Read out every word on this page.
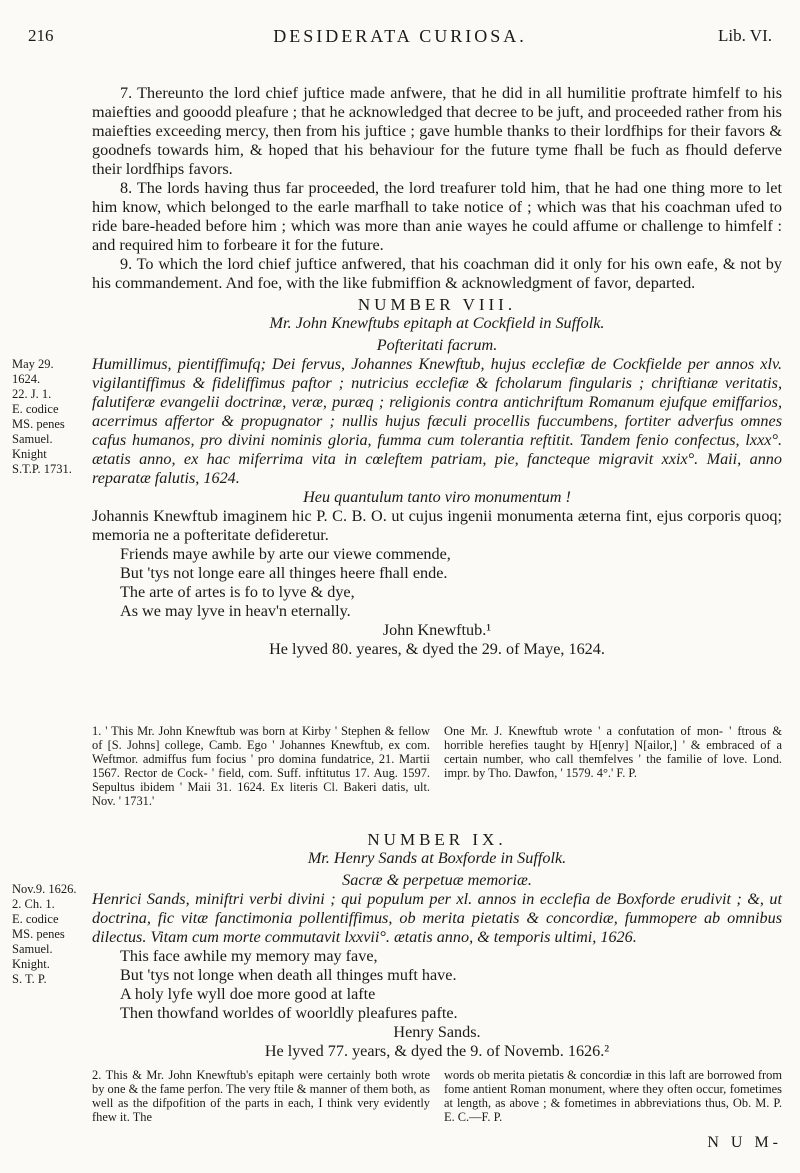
216	DESIDERATA CURIOSA.	Lib. VI.

7. Thereunto the lord chief juftice made anfwere, that he did in all humilitie proftrate himfelf to his maiefties and gooodd pleafure ; that he acknowledged that decree to be juft, and proceeded rather from his maiefties exceeding mercy, then from his juftice ; gave humble thanks to their lordfhips for their favors & goodnefs towards him, & hoped that his behaviour for the future tyme fhall be fuch as fhould deferve their lordfhips favors.

8. The lords having thus far proceeded, the lord treafurer told him, that he had one thing more to let him know, which belonged to the earle marfhall to take notice of ; which was that his coachman ufed to ride bare-headed before him ; which was more than anie wayes he could affume or challenge to himfelf : and required him to forbeare it for the future.

9. To which the lord chief juftice anfwered, that his coachman did it only for his own eafe, & not by his commandement. And foe, with the like fubmiffion & acknowledgment of favor, departed.

NUMBER VIII.

Mr. John Knewftubs epitaph at Cockfield in Suffolk.

Pofteritati facrum.

Humillimus, pientiffimufq; Dei fervus, Johannes Knewftub, hujus ecclefiæ de Cockfielde per annos xlv. vigilantiffimus & fideliffimus paftor ; nutricius ecclefiæ & fcholarum fingularis ; chriftianæ veritatis, falutiferæ evangelii doctrinæ, veræ, puræq ; religionis contra antichriftum Romanum ejufque emiffarios, acerrimus affertor & propugnator ; nullis hujus fæculi procellis fuccumbens, fortiter adverfus omnes cafus humanos, pro divini nominis gloria, fumma cum tolerantia reftitit. Tandem fenio confectus, lxxx°. ætatis anno, ex hac miferrima vita in cœleftem patriam, pie, fancteque migravit xxix°. Maii, anno reparatæ falutis, 1624.

Heu quantulum tanto viro monumentum !

Johannis Knewftub imaginem hic P. C. B. O. ut cujus ingenii monumenta æterna fint, ejus corporis quoq; memoria ne a pofteritate defideretur.

Friends maye awhile by arte our viewe commende,
But 'tys not longe eare all thinges heere fhall ende.
The arte of artes is fo to lyve & dye,
As we may lyve in heav'n eternally.

John Knewftub.¹

He lyved 80. yeares, & dyed the 29. of Maye, 1624.

May 29.
1624.
22. J. 1.
E. codice
MS. penes
Samuel.
Knight
S.T.P. 1731.

1. ' This Mr. John Knewftub was born at Kirby ' Stephen & fellow of [S. Johns] college, Camb. Ego ' Johannes Knewftub, ex com. Weftmor. admiffus fum focius ' pro domina fundatrice, 21. Martii 1567. Rector de Cock- ' field, com. Suff. inftitutus 17. Aug. 1597. Sepultus ibidem ' Maii 31. 1624. Ex literis Cl. Bakeri datis, ult. Nov. ' 1731.'

One Mr. J. Knewftub wrote ' a confutation of mon- ' ftrous & horrible herefies taught by H[enry] N[ailor,] ' & embraced of a certain number, who call themfelves ' the familie of love. Lond. impr. by Tho. Dawfon, ' 1579. 4°.' F. P.

NUMBER IX.

Mr. Henry Sands at Boxforde in Suffolk.

Sacræ & perpetuæ memoriæ.

Henrici Sands, miniftri verbi divini ; qui populum per xl. annos in ecclefia de Boxforde erudivit ; &, ut doctrina, fic vitæ fanctimonia pollentiffimus, ob merita pietatis & concordiæ, fummopere ab omnibus dilectus. Vitam cum morte commutavit lxxvii°. ætatis anno, & temporis ultimi, 1626.

This face awhile my memory may fave,
But 'tys not longe when death all thinges muft have.
A holy lyfe wyll doe more good at lafte
Then thowfand worldes of woorldly pleafures pafte.

Henry Sands.

He lyved 77. years, & dyed the 9. of Novemb. 1626.²

Nov.9. 1626.
2. Ch. 1.
E. codice
MS. penes
Samuel.
Knight.
S. T. P.

2. This & Mr. John Knewftub's epitaph were certainly both wrote by one & the fame perfon. The very ftile & manner of them both, as well as the difpofition of the parts in each, I think very evidently fhew it. The

words ob merita pietatis & concordiæ in this laft are borrowed from fome antient Roman monument, where they often occur, fometimes at length, as above ; & fometimes in abbreviations thus, Ob. M. P. E. C.—F. P.

N U M-
